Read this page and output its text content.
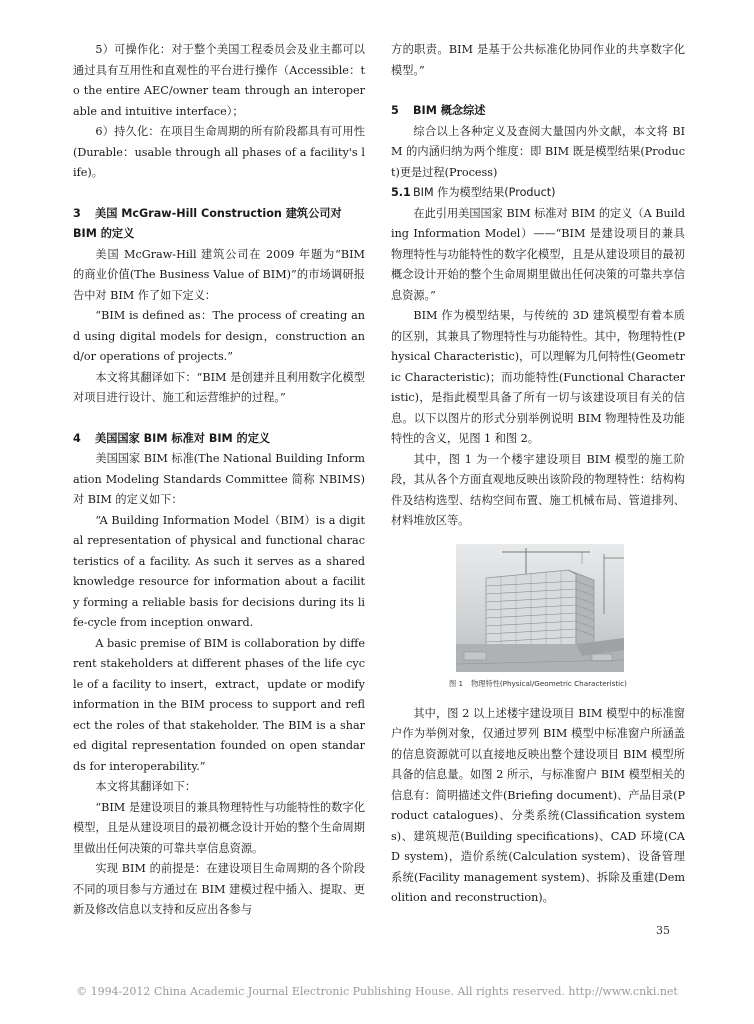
5）可操作化：对于整个美国工程委员会及业主都可以通过具有互用性和直观性的平台进行操作（Accessible：to the entire AEC/owner team through an interoperable and intuitive interface）；

6）持久化：在项目生命周期的所有阶段都具有可用性(Durable：usable through all phases of a facility's life)。

3 美国 McGraw-Hill Construction 建筑公司对 BIM 的定义

美国 McGraw-Hill 建筑公司在 2009 年题为“BIM 的商业价值(The Business Value of BIM)”的市场调研报告中对 BIM 作了如下定义：

“BIM is defined as：The process of creating and using digital models for design，construction and/or operations of projects.”

本文将其翻译如下：“BIM 是创建并且利用数字化模型对项目进行设计、施工和运营维护的过程。”

4 美国国家 BIM 标准对 BIM 的定义

美国国家 BIM 标准(The National Building Information Modeling Standards Committee 简称 NBIMS)对 BIM 的定义如下：

“A Building Information Model（BIM）is a digital representation of physical and functional characteristics of a facility. As such it serves as a shared knowledge resource for information about a facility forming a reliable basis for decisions during its life-cycle from inception onward.

A basic premise of BIM is collaboration by different stakeholders at different phases of the life cycle of a facility to insert，extract，update or modify information in the BIM process to support and reflect the roles of that stakeholder. The BIM is a shared digital representation founded on open standards for interoperability.”

本文将其翻译如下：

“BIM 是建设项目的兼具物理特性与功能特性的数字化模型，且是从建设项目的最初概念设计开始的整个生命周期里做出任何决策的可靠共享信息资源。

实现 BIM 的前提是：在建设项目生命周期的各个阶段不同的项目参与方通过在 BIM 建模过程中插入、提取、更新及修改信息以支持和反应出各参与

方的职责。BIM 是基于公共标准化协同作业的共享数字化模型。”

5 BIM 概念综述

综合以上各种定义及查阅大量国内外文献，本文将 BIM 的内涵归纳为两个维度：即 BIM 既是模型结果(Product)更是过程(Process)

5.1 BIM 作为模型结果(Product)

在此引用美国国家 BIM 标准对 BIM 的定义（A Building Information Model）——“BIM 是建设项目的兼具物理特性与功能特性的数字化模型，且是从建设项目的最初概念设计开始的整个生命周期里做出任何决策的可靠共享信息资源。”

BIM 作为模型结果，与传统的 3D 建筑模型有着本质的区别，其兼具了物理特性与功能特性。其中，物理特性(Physical Characteristic)，可以理解为几何特性(Geometric Characteristic)；而功能特性(Functional Characteristic)，是指此模型具备了所有一切与该建设项目有关的信息。以下以图片的形式分别举例说明 BIM 物理特性及功能特性的含义，见图 1 和图 2。

其中，图 1 为一个楼宇建设项目 BIM 模型的施工阶段，其从各个方面直观地反映出该阶段的物理特性：结构构件及结构选型、结构空间布置、施工机械布局、管道排列、材料堆放区等。

图 1 物理特性(Physical/Geometric Characteristic)

其中，图 2 以上述楼宇建设项目 BIM 模型中的标准窗户作为举例对象，仅通过罗列 BIM 模型中标准窗户所涵盖的信息资源就可以直接地反映出整个建设项目 BIM 模型所具备的信息量。如图 2 所示，与标准窗户 BIM 模型相关的信息有：简明描述文件(Briefing document)、产品目录(Product catalogues)、分类系统(Classification systems)、建筑规范(Building specifications)、CAD 环境(CAD system)，造价系统(Calculation system)、设备管理系统(Facility management system)、拆除及重建(Demolition and reconstruction)。

35
© 1994-2012 China Academic Journal Electronic Publishing House. All rights reserved. http://www.cnki.net
